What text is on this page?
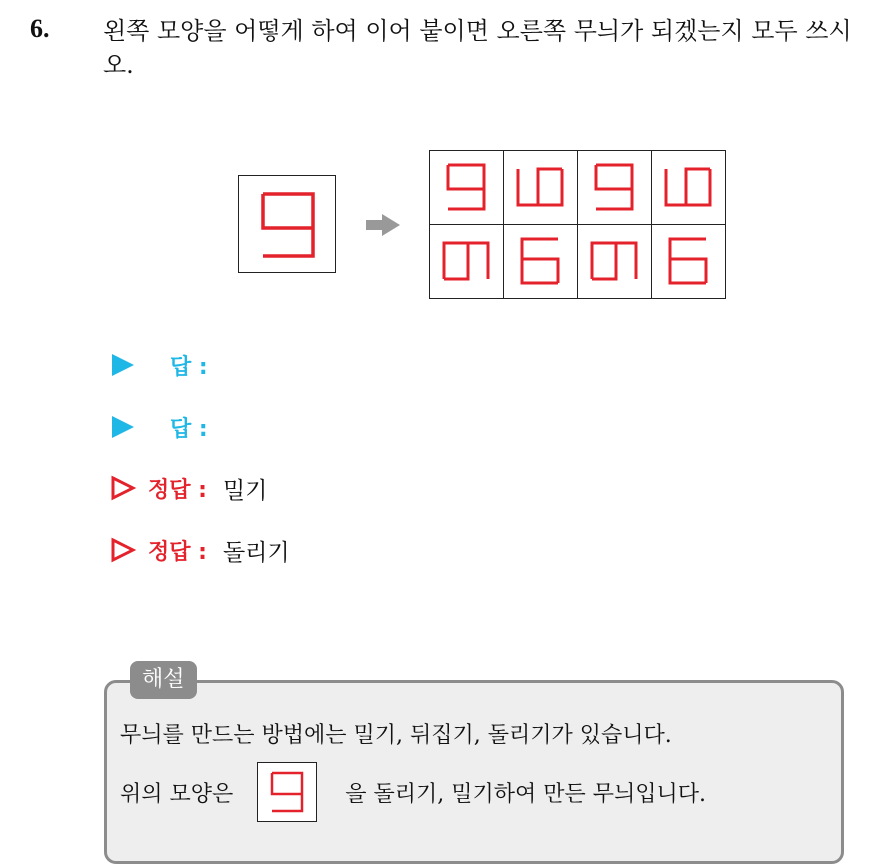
6. 왼쪽 모양을 어떻게 하여 이어 붙이면 오른쪽 무늬가 되겠는지 모두 쓰시오.
답 :
답 :
정답 : 밀기
정답 : 돌리기
해설
무늬를 만드는 방법에는 밀기, 뒤집기, 돌리기가 있습니다.
위의 모양은	을 돌리기, 밀기하여 만든 무늬입니다.
